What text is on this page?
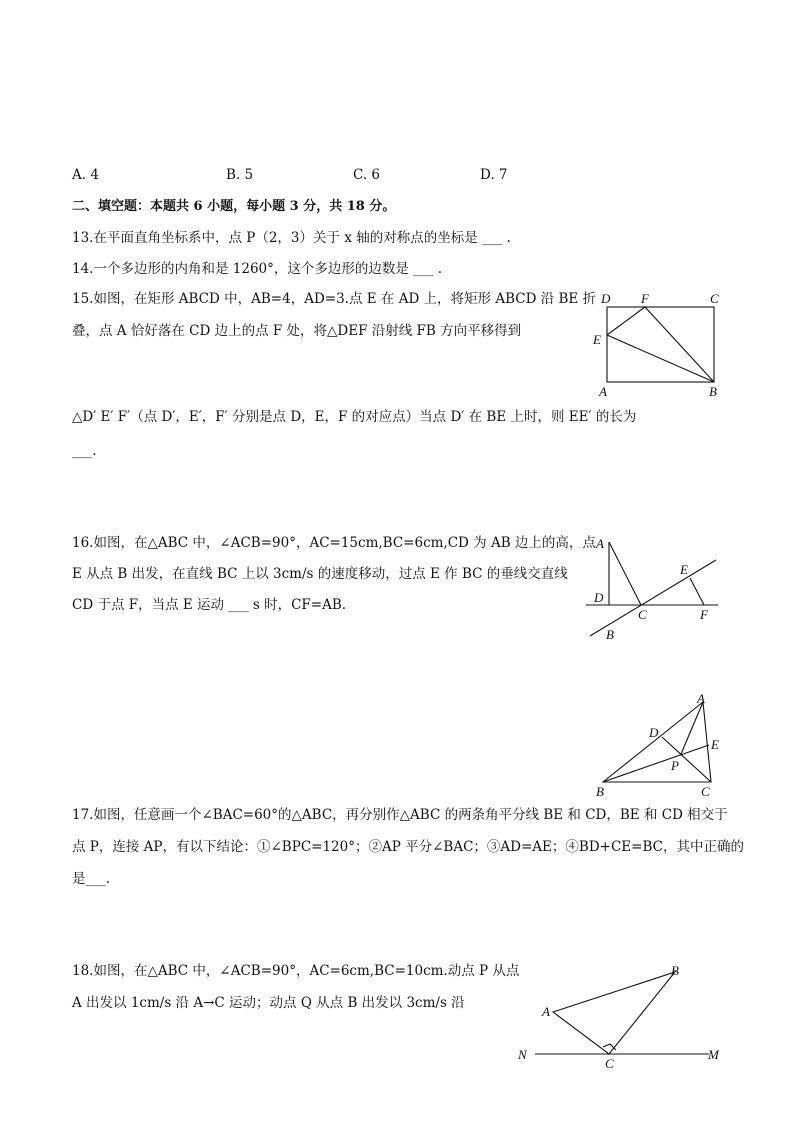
A. 4	B. 5	C. 6	D. 7
二、填空题：本题共 6 小题，每小题 3 分，共 18 分。
13.在平面直角坐标系中，点 P（2，3）关于 x 轴的对称点的坐标是 ___ .
14.一个多边形的内角和是 1260°，这个多边形的边数是 ___ .
15.如图，在矩形 ABCD 中，AB=4，AD=3.点 E 在 AD 上，将矩形 ABCD 沿 BE 折
叠，点 A 恰好落在 CD 边上的点 F 处，将△DEF 沿射线 FB 方向平移得到
D F	C
E
A	B
△D′ E′ F′（点 D′，E′，F′ 分别是点 D，E，F 的对应点）当点 D′ 在 BE 上时，则 EE′ 的长为
___.
16.如图，在△ABC 中，∠ACB=90°，AC=15cm,BC=6cm,CD 为 AB 边上的高，点
E 从点 B 出发，在直线 BC 上以 3cm/s 的速度移动，过点 E 作 BC 的垂线交直线
CD 于点 F，当点 E 运动 ___ s 时，CF=AB.
A
E
D
C	F
B
A
D
E
P
B	C
17.如图，任意画一个∠BAC=60°的△ABC，再分别作△ABC 的两条角平分线 BE 和 CD，BE 和 CD 相交于
点 P，连接 AP，有以下结论：①∠BPC=120°；②AP 平分∠BAC；③AD=AE；④BD+CE=BC，其中正确的
是___.
18.如图，在△ABC 中，∠ACB=90°，AC=6cm,BC=10cm.动点 P 从点
A 出发以 1cm/s 沿 A→C 运动；动点 Q 从点 B 出发以 3cm/s 沿
B
A
N
C
M
